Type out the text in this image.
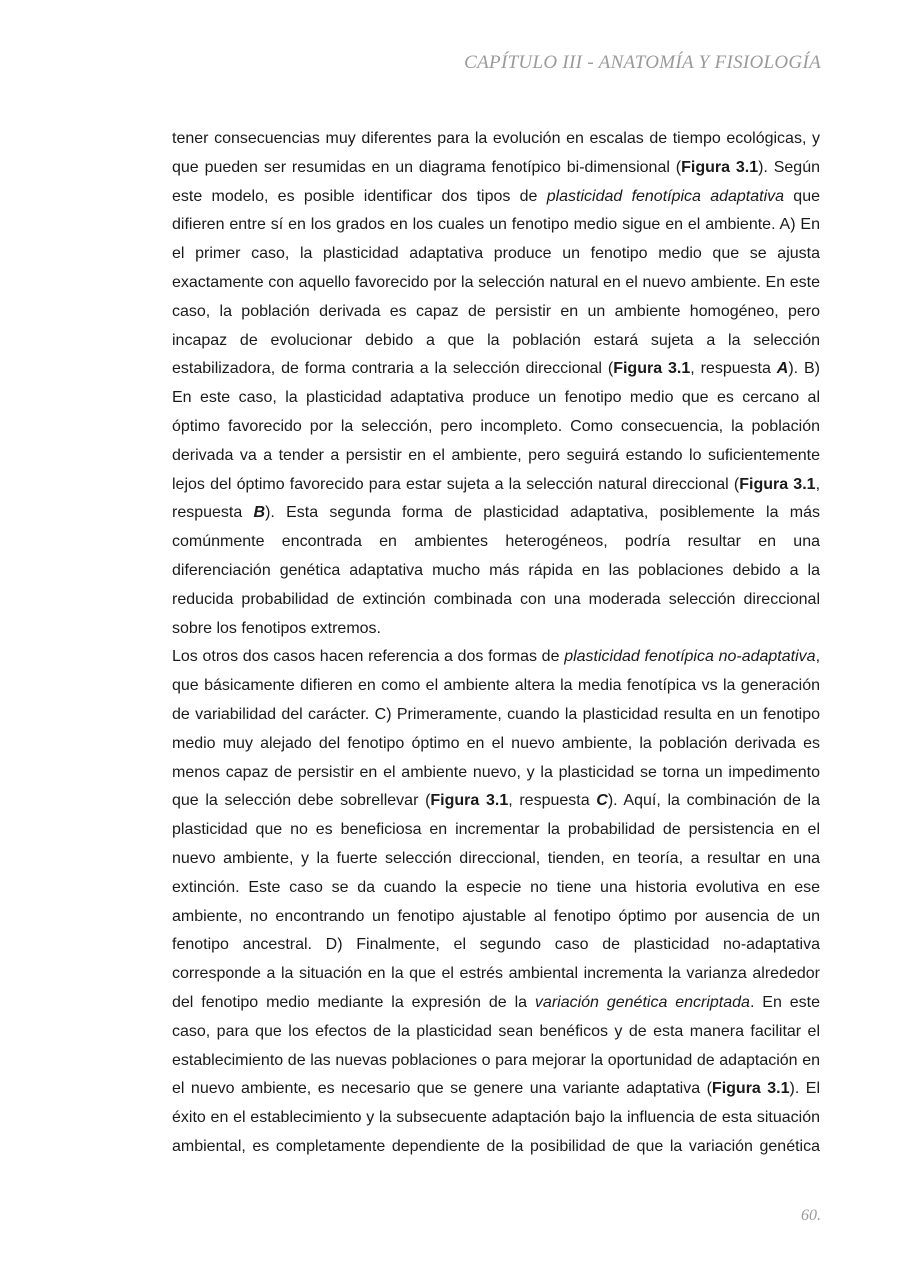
CAPÍTULO III - ANATOMÍA Y FISIOLOGÍA

tener consecuencias muy diferentes para la evolución en escalas de tiempo ecológicas, y que pueden ser resumidas en un diagrama fenotípico bi-dimensional (Figura 3.1). Según este modelo, es posible identificar dos tipos de plasticidad fenotípica adaptativa que difieren entre sí en los grados en los cuales un fenotipo medio sigue en el ambiente. A) En el primer caso, la plasticidad adaptativa produce un fenotipo medio que se ajusta exactamente con aquello favorecido por la selección natural en el nuevo ambiente. En este caso, la población derivada es capaz de persistir en un ambiente homogéneo, pero incapaz de evolucionar debido a que la población estará sujeta a la selección estabilizadora, de forma contraria a la selección direccional (Figura 3.1, respuesta A). B) En este caso, la plasticidad adaptativa produce un fenotipo medio que es cercano al óptimo favorecido por la selección, pero incompleto. Como consecuencia, la población derivada va a tender a persistir en el ambiente, pero seguirá estando lo suficientemente lejos del óptimo favorecido para estar sujeta a la selección natural direccional (Figura 3.1, respuesta B). Esta segunda forma de plasticidad adaptativa, posiblemente la más comúnmente encontrada en ambientes heterogéneos, podría resultar en una diferenciación genética adaptativa mucho más rápida en las poblaciones debido a la reducida probabilidad de extinción combinada con una moderada selección direccional sobre los fenotipos extremos.

Los otros dos casos hacen referencia a dos formas de plasticidad fenotípica no-adaptativa, que básicamente difieren en como el ambiente altera la media fenotípica vs la generación de variabilidad del carácter. C) Primeramente, cuando la plasticidad resulta en un fenotipo medio muy alejado del fenotipo óptimo en el nuevo ambiente, la población derivada es menos capaz de persistir en el ambiente nuevo, y la plasticidad se torna un impedimento que la selección debe sobrellevar (Figura 3.1, respuesta C). Aquí, la combinación de la plasticidad que no es beneficiosa en incrementar la probabilidad de persistencia en el nuevo ambiente, y la fuerte selección direccional, tienden, en teoría, a resultar en una extinción. Este caso se da cuando la especie no tiene una historia evolutiva en ese ambiente, no encontrando un fenotipo ajustable al fenotipo óptimo por ausencia de un fenotipo ancestral. D) Finalmente, el segundo caso de plasticidad no-adaptativa corresponde a la situación en la que el estrés ambiental incrementa la varianza alrededor del fenotipo medio mediante la expresión de la variación genética encriptada. En este caso, para que los efectos de la plasticidad sean benéficos y de esta manera facilitar el establecimiento de las nuevas poblaciones o para mejorar la oportunidad de adaptación en el nuevo ambiente, es necesario que se genere una variante adaptativa (Figura 3.1). El éxito en el establecimiento y la subsecuente adaptación bajo la influencia de esta situación ambiental, es completamente dependiente de la posibilidad de que la variación genética

60.
